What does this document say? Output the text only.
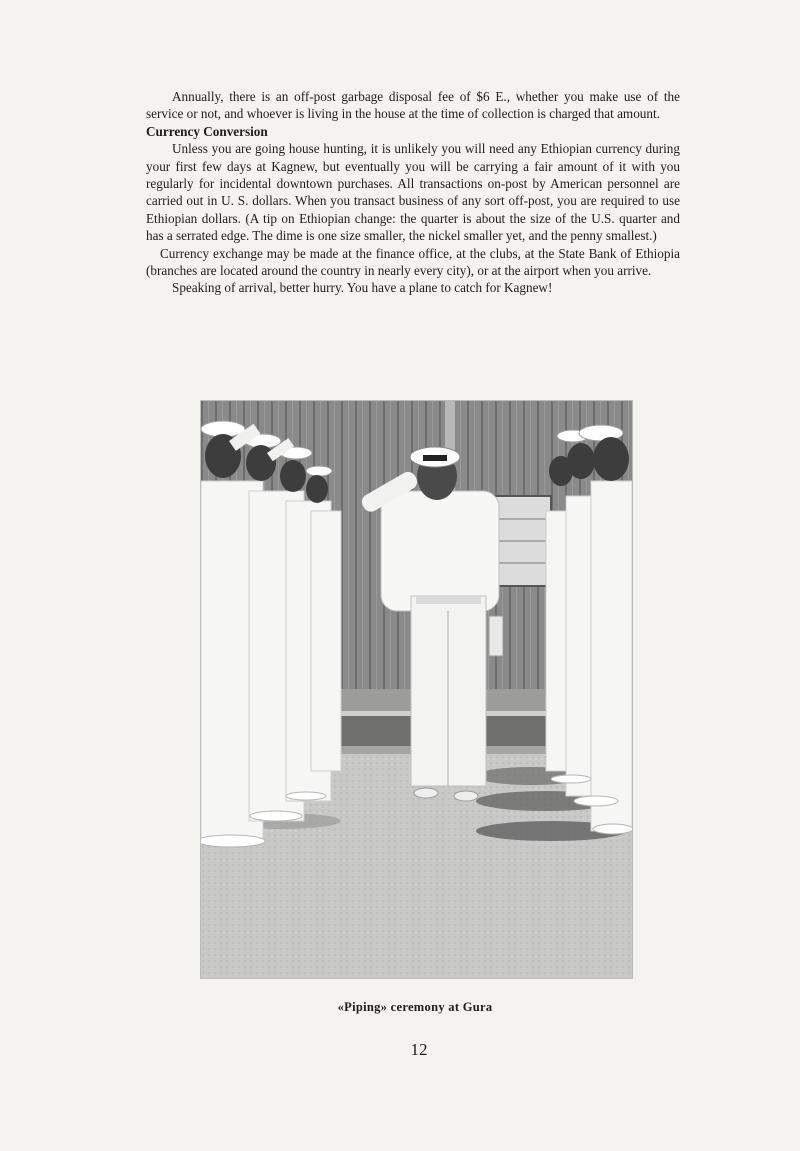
Annually, there is an off-post garbage disposal fee of $6 E., whether you make use of the service or not, and whoever is living in the house at the time of collection is charged that amount.

Currency Conversion

Unless you are going house hunting, it is unlikely you will need any Ethiopian currency during your first few days at Kagnew, but eventually you will be carrying a fair amount of it with you regularly for incidental downtown purchases. All transactions on-post by American personnel are carried out in U. S. dollars. When you transact business of any sort off-post, you are required to use Ethiopian dollars. (A tip on Ethiopian change: the quarter is about the size of the U.S. quarter and has a serrated edge. The dime is one size smaller, the nickel smaller yet, and the penny smallest.)

Currency exchange may be made at the finance office, at the clubs, at the State Bank of Ethiopia (branches are located around the country in nearly every city), or at the airport when you arrive.

Speaking of arrival, better hurry. You have a plane to catch for Kagnew!

«Piping» ceremony at Gura
12
